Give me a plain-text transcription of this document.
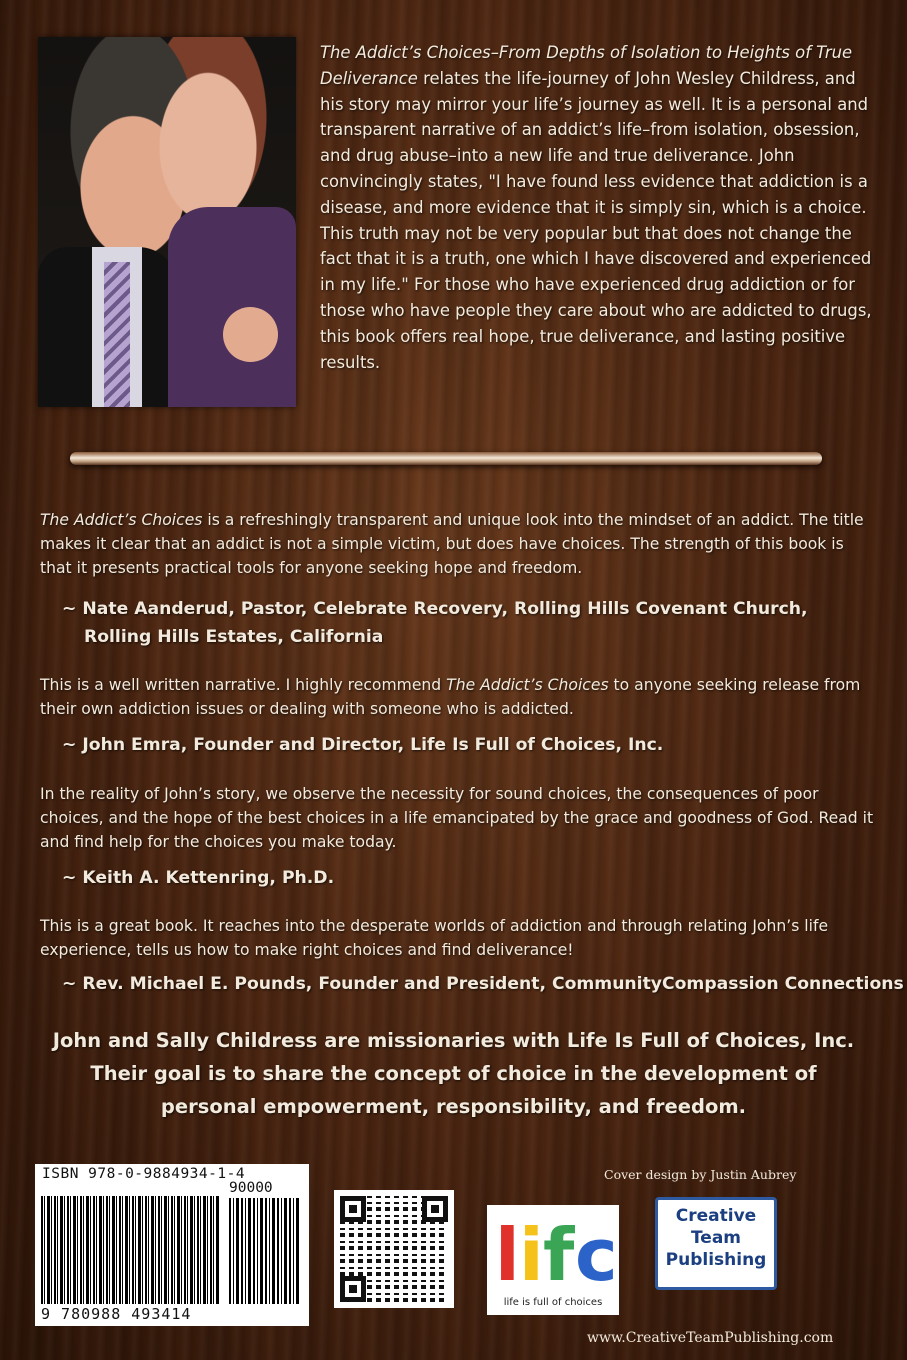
The Addict’s Choices–From Depths of Isolation to Heights of True Deliverance relates the life-journey of John Wesley Childress, and his story may mirror your life’s journey as well. It is a personal and transparent narrative of an addict’s life–from isolation, obsession, and drug abuse–into a new life and true deliverance. John convincingly states, "I have found less evidence that addiction is a disease, and more evidence that it is simply sin, which is a choice. This truth may not be very popular but that does not change the fact that it is a truth, one which I have discovered and experienced in my life." For those who have experienced drug addiction or for those who have people they care about who are addicted to drugs, this book offers real hope, true deliverance, and lasting positive results.

The Addict’s Choices is a refreshingly transparent and unique look into the mindset of an addict. The title makes it clear that an addict is not a simple victim, but does have choices. The strength of this book is that it presents practical tools for anyone seeking hope and freedom.

~ Nate Aanderud, Pastor, Celebrate Recovery, Rolling Hills Covenant Church,

Rolling Hills Estates, California

This is a well written narrative. I highly recommend The Addict’s Choices to anyone seeking release from their own addiction issues or dealing with someone who is addicted.

~ John Emra, Founder and Director, Life Is Full of Choices, Inc.

In the reality of John’s story, we observe the necessity for sound choices, the consequences of poor choices, and the hope of the best choices in a life emancipated by the grace and goodness of God. Read it and find help for the choices you make today.

~ Keith A. Kettenring, Ph.D.

This is a great book. It reaches into the desperate worlds of addiction and through relating John’s life experience, tells us how to make right choices and find deliverance!

~ Rev. Michael E. Pounds, Founder and President, CommunityCompassion Connections

John and Sally Childress are missionaries with Life Is Full of Choices, Inc.
Their goal is to share the concept of choice in the development of
personal empowerment, responsibility, and freedom.

Cover design by Justin Aubrey

ISBN 978-0-9884934-1-4
90000
9 780988 493414
l i f c
life is full of choices
Creative
Team
Publishing

www.CreativeTeamPublishing.com
